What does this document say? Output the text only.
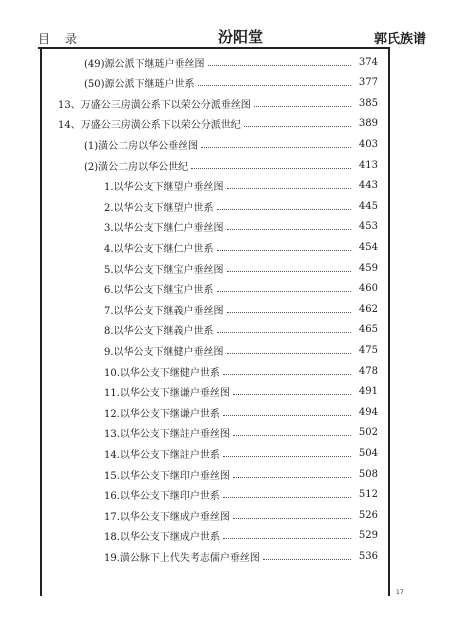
目 录	汾阳堂	郭氏族谱
(49)源公派下继琏户垂丝图	374
(50)源公派下继琏户世系	377
13、万盛公三房潢公系下以荣公分派垂丝图	385
14、万盛公三房潢公系下以荣公分派世纪	389
(1)潢公二房以华公垂丝图	403
(2)潢公二房以华公世纪	413
1.以华公支下继望户垂丝图	443
2.以华公支下继望户世系	445
3.以华公支下继仁户垂丝图	453
4.以华公支下继仁户世系	454
5.以华公支下继宝户垂丝图	459
6.以华公支下继宝户世系	460
7.以华公支下继義户垂丝图	462
8.以华公支下继義户世系	465
9.以华公支下继健户垂丝图	475
10.以华公支下继健户世系	478
11.以华公支下继谦户垂丝图	491
12.以华公支下继谦户世系	494
13.以华公支下继註户垂丝图	502
14.以华公支下继註户世系	504
15.以华公支下继印户垂丝图	508
16.以华公支下继印户世系	512
17.以华公支下继成户垂丝图	526
18.以华公支下继成户世系	529
19.潢公脉下上代失考志儒户垂丝图	536
17
